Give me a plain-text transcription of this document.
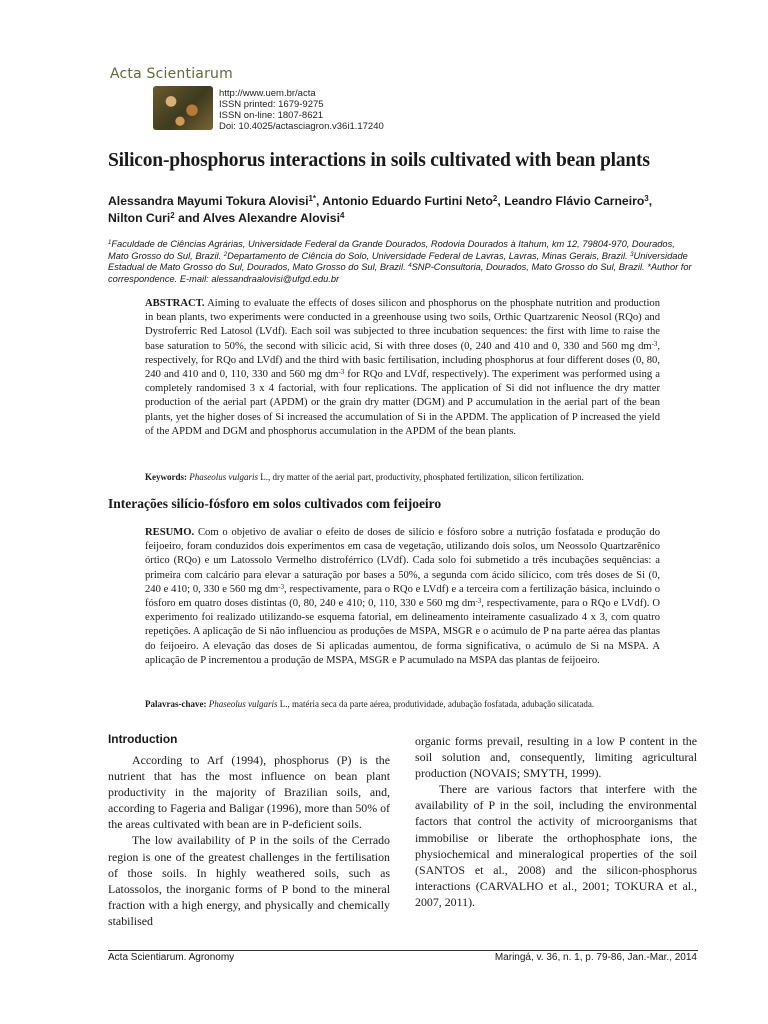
Acta Scientiarum
http://www.uem.br/acta
ISSN printed: 1679-9275
ISSN on-line: 1807-8621
Doi: 10.4025/actasciagron.v36i1.17240
Silicon-phosphorus interactions in soils cultivated with bean plants
Alessandra Mayumi Tokura Alovisi$^{1*}$, Antonio Eduardo Furtini Neto$^2$, Leandro Flávio Carneiro$^3$,
Nilton Curi$^2$ and Alves Alexandre Alovisi$^4$
$^1$Faculdade de Ciências Agrárias, Universidade Federal da Grande Dourados, Rodovia Dourados à Itahum, km 12, 79804-970, Dourados, Mato Grosso do Sul, Brazil. $^2$Departamento de Ciência do Solo, Universidade Federal de Lavras, Lavras, Minas Gerais, Brazil. $^3$Universidade Estadual de Mato Grosso do Sul, Dourados, Mato Grosso do Sul, Brazil. $^4$SNP-Consultoria, Dourados, Mato Grosso do Sul, Brazil. *Author for correspondence. E-mail: alessandraalovisi@ufgd.edu.br
ABSTRACT. Aiming to evaluate the effects of doses silicon and phosphorus on the phosphate nutrition and production in bean plants, two experiments were conducted in a greenhouse using two soils, Orthic Quartzarenic Neosol (RQo) and Dystroferric Red Latosol (LVdf). Each soil was subjected to three incubation sequences: the first with lime to raise the base saturation to 50%, the second with silicic acid, Si with three doses (0, 240 and 410 and 0, 330 and 560 mg $dm^{-3}$, respectively, for RQo and LVdf) and the third with basic fertilisation, including phosphorus at four different doses (0, 80, 240 and 410 and 0, 110, 330 and 560 mg $dm^{-3}$ for RQo and LVdf, respectively). The experiment was performed using a completely randomised 3 x 4 factorial, with four replications. The application of Si did not influence the dry matter production of the aerial part (APDM) or the grain dry matter (DGM) and P accumulation in the aerial part of the bean plants, yet the higher doses of Si increased the accumulation of Si in the APDM. The application of P increased the yield of the APDM and DGM and phosphorus accumulation in the APDM of the bean plants.
Keywords: Phaseolus vulgaris L., dry matter of the aerial part, productivity, phosphated fertilization, silicon fertilization.
Interações silício-fósforo em solos cultivados com feijoeiro
RESUMO. Com o objetivo de avaliar o efeito de doses de silício e fósforo sobre a nutrição fosfatada e produção do feijoeiro, foram conduzidos dois experimentos em casa de vegetação, utilizando dois solos, um Neossolo Quartzarênico órtico (RQo) e um Latossolo Vermelho distroférrico (LVdf). Cada solo foi submetido a três incubações sequências: a primeira com calcário para elevar a saturação por bases a 50%, a segunda com ácido silícico, com três doses de Si (0, 240 e 410; 0, 330 e 560 mg $dm^{-3}$, respectivamente, para o RQo e LVdf) e a terceira com a fertilização básica, incluindo o fósforo em quatro doses distintas (0, 80, 240 e 410; 0, 110, 330 e 560 mg $dm^{-3}$, respectivamente, para o RQo e LVdf). O experimento foi realizado utilizando-se esquema fatorial, em delineamento inteiramente casualizado 4 x 3, com quatro repetições. A aplicação de Si não influenciou as produções de MSPA, MSGR e o acúmulo de P na parte aérea das plantas do feijoeiro. A elevação das doses de Si aplicadas aumentou, de forma significativa, o acúmulo de Si na MSPA. A aplicação de P incrementou a produção de MSPA, MSGR e P acumulado na MSPA das plantas de feijoeiro.
Palavras-chave: Phaseolus vulgaris L., matéria seca da parte aérea, produtividade, adubação fosfatada, adubação silicatada.
Introduction

According to Arf (1994), phosphorus (P) is the nutrient that has the most influence on bean plant productivity in the majority of Brazilian soils, and, according to Fageria and Baligar (1996), more than 50% of the areas cultivated with bean are in P-deficient soils.

The low availability of P in the soils of the Cerrado region is one of the greatest challenges in the fertilisation of those soils. In highly weathered soils, such as Latossolos, the inorganic forms of P bond to the mineral fraction with a high energy, and physically and chemically stabilised

organic forms prevail, resulting in a low P content in the soil solution and, consequently, limiting agricultural production (NOVAIS; SMYTH, 1999).

There are various factors that interfere with the availability of P in the soil, including the environmental factors that control the activity of microorganisms that immobilise or liberate the orthophosphate ions, the physiochemical and mineralogical properties of the soil (SANTOS et al., 2008) and the silicon-phosphorus interactions (CARVALHO et al., 2001; TOKURA et al., 2007, 2011).

Acta Scientiarum. Agronomy	Maringá, v. 36, n. 1, p. 79-86, Jan.-Mar., 2014
